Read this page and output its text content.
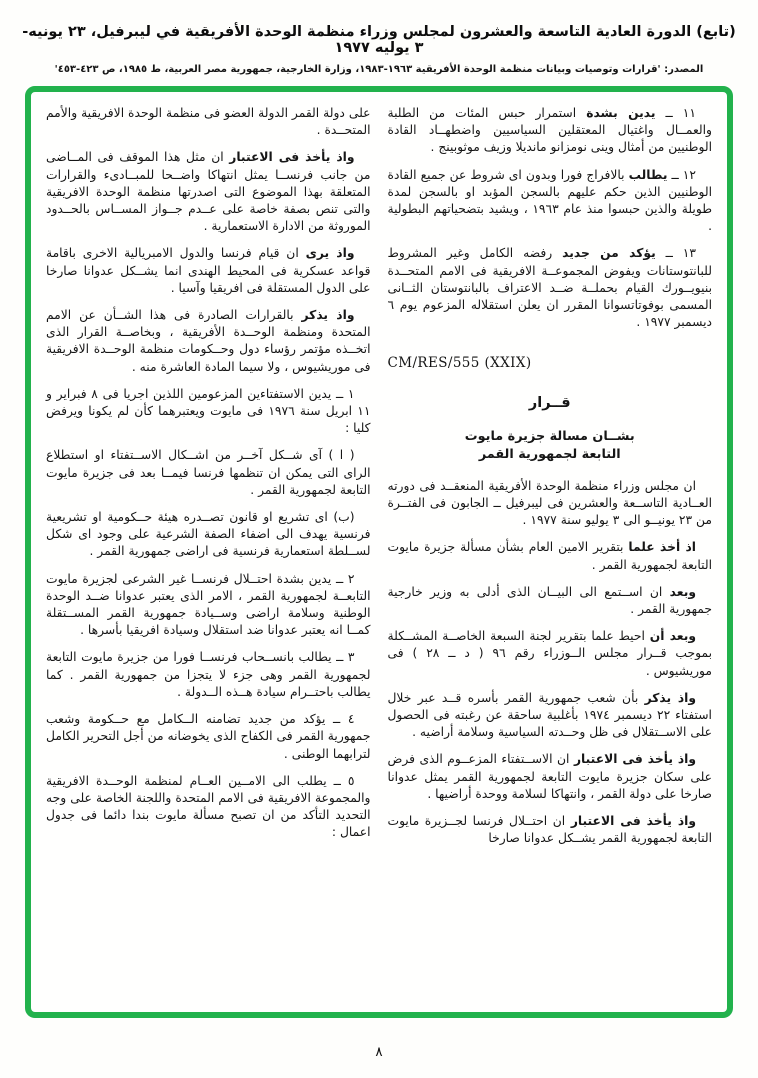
(تابع) الدورة العادية التاسعة والعشرون لمجلس وزراء منظمة الوحدة الأفريقية في ليبرفيل، ٢٣ يونيه- ٣ يوليه ١٩٧٧
المصدر: 'قرارات وتوصيات وبيانات منظمة الوحدة الأفريقية ١٩٦٣-١٩٨٣، وزارة الخارجية، جمهورية مصر العربية، ط ١٩٨٥، ص ٤٢٣-٤٥٣'

١١ ــ يدين بشدة استمرار حبس المئات من الطلبة والعمــال واغتيال المعتقلين السياسيين واضطهــاد القادة الوطنيين من أمثال وينى نومزانو مانديلا وزيف موثوبينج .

١٢ ــ يطالب بالافراج فورا وبدون اى شروط عن جميع القادة الوطنيين الذين حكم عليهم بالسجن المؤبد او بالسجن لمدة طويلة والذين حبسوا منذ عام ١٩٦٣ ، ويشيد بتضحياتهم البطولية .

١٣ ــ يؤكد من جديد رفضه الكامل وغير المشروط للبانتوستانات ويفوض المجموعــة الافريقية فى الامم المتحــدة بنيويــورك القيام بحملــة ضــد الاعتراف بالبانتوستان الثــانى المسمى بوفوتاتسوانا المقرر ان يعلن استقلاله المزعوم يوم ٦ ديسمبر ١٩٧٧ .

CM/RES/555 (XXIX)
قــرار
بشــان مسالة جزيرة مايوت
التابعة لجمهورية القمر

ان مجلس وزراء منظمة الوحدة الأفريقية المنعقــد فى دورته العــادية التاســعة والعشرين فى ليبرفيل ــ الجابون فى الفتــرة من ٢٣ يونيــو الى ٣ يوليو سنة ١٩٧٧ .

اذ أخذ علما بتقرير الامين العام بشأن مسألة جزيرة مايوت التابعة لجمهورية القمر .

وبعد ان اســتمع الى البيــان الذى أدلى به وزير خارجية جمهورية القمر .

وبعد أن احيط علما بتقرير لجنة السبعة الخاصــة المشــكلة بموجب قــرار مجلس الــوزراء رقم ٩٦ ( د ــ ٢٨ ) فى موريشيوس .

واذ يذكر بأن شعب جمهورية القمر بأسره قــد عبر خلال استفتاء ٢٢ ديسمبر ١٩٧٤ بأغلبية ساحقة عن رغبته فى الحصول على الاســتقلال فى ظل وحــدته السياسية وسلامة أراضيه .

واذ يأخذ فى الاعتبار ان الاســتفتاء المزعــوم الذى فرض على سكان جزيرة مايوت التابعة لجمهورية القمر يمثل عدوانا صارخا على دولة القمر ، وانتهاكا لسلامة ووحدة أراضيها .

واذ يأخذ فى الاعتبار ان احتــلال فرنسا لجــزيرة مايوت التابعة لجمهورية القمر يشــكل عدوانا صارخا

على دولة القمر الدولة العضو فى منظمة الوحدة الافريقية والأمم المتحــدة .

واذ يأخذ فى الاعتبار ان مثل هذا الموقف فى المــاضى من جانب فرنســا يمثل انتهاكا واضــحا للمبــادىء والقرارات المتعلقة بهذا الموضوع التى اصدرتها منظمة الوحدة الافريقية والتى تنص بصفة خاصة على عــدم جــواز المســاس بالحــدود الموروثة من الادارة الاستعمارية .

واذ يرى ان قيام فرنسا والدول الامبريالية الاخرى باقامة قواعد عسكرية فى المحيط الهندى انما يشــكل عدوانا صارخا على الدول المستقلة فى افريقيا وآسيا .

واذ يذكر بالقرارات الصادرة فى هذا الشــأن عن الامم المتحدة ومنظمة الوحــدة الأفريقية ، وبخاصــة القرار الذى اتخــذه مؤتمر رؤساء دول وحــكومات منظمة الوحــدة الافريقية فى موريشيوس ، ولا سيما المادة العاشرة منه .

١ ــ يدين الاستفتاءين المزعومين اللذين اجريا فى ٨ فبراير و ١١ ابريل سنة ١٩٧٦ فى مايوت ويعتبرهما كأن لم يكونا ويرفض كليا :

( ا ) آى شــكل آخــر من اشــكال الاســتفتاء او استطلاع الراى التى يمكن ان تنظمها فرنسا فيمــا بعد فى جزيرة مايوت التابعة لجمهورية القمر .

(ب) اى تشريع او قانون تصــدره هيئة حــكومية او تشريعية فرنسية يهدف الى اضفاء الصفة الشرعية على وجود اى شكل لســلطة استعمارية فرنسية فى اراضى جمهورية القمر .

٢ ــ يدين بشدة احتــلال فرنســا غير الشرعى لجزيرة مايوت التابعــة لجمهورية القمر ، الامر الذى يعتبر عدوانا ضــد الوحدة الوطنية وسلامة اراضى وســيادة جمهورية القمر المســتقلة كمــا انه يعتبر عدوانا ضد استقلال وسيادة افريقيا بأسرها .

٣ ــ يطالب بانســحاب فرنســا فورا من جزيرة مايوت التابعة لجمهورية القمر وهى جزء لا يتجزا من جمهورية القمر . كما يطالب باحتــرام سيادة هــذه الــدولة .

٤ ــ يؤكد من جديد تضامنه الــكامل مع حــكومة وشعب جمهورية القمر فى الكفاح الذى يخوضانه من أجل التحرير الكامل لترابهما الوطنى .

٥ ــ يطلب الى الامــين العــام لمنظمة الوحــدة الافريقية والمجموعة الافريقية فى الامم المتحدة واللجنة الخاصة على وجه التحديد التأكد من ان تصبح مسألة مايوت بندا دائما فى جدول اعمال :

٨
